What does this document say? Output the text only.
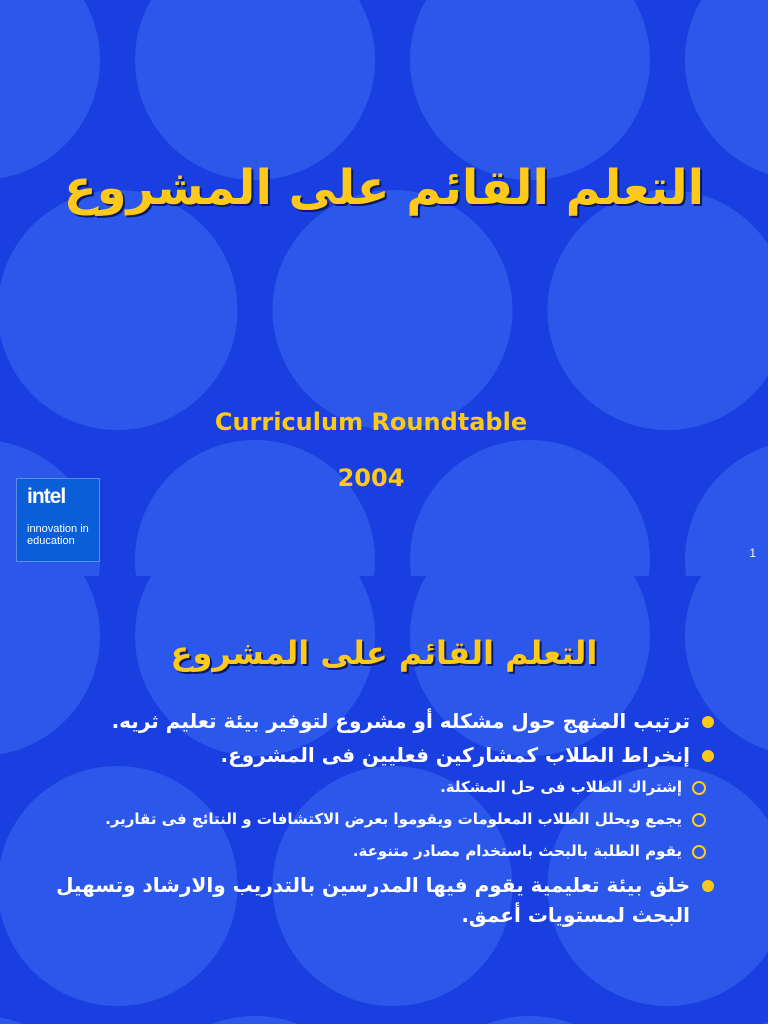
التعلم القائم على المشروع
Curriculum Roundtable
2004
intel
innovation in
education
1
التعلم القائم على المشروع
ترتيب المنهج حول مشكله أو مشروع لتوفير بيئة تعليم ثريه.
إنخراط الطلاب كمشاركين فعليين فى المشروع.
إشتراك الطلاب فى حل المشكلة.
يجمع ويحلل الطلاب المعلومات ويقوموا بعرض الاكتشافات و النتائج فى تقارير.
يقوم الطلبة بالبحث باستخدام مصادر متنوعة.
خلق بيئة تعليمية يقوم فيها المدرسين بالتدريب والارشاد وتسهيل البحث لمستويات أعمق.
